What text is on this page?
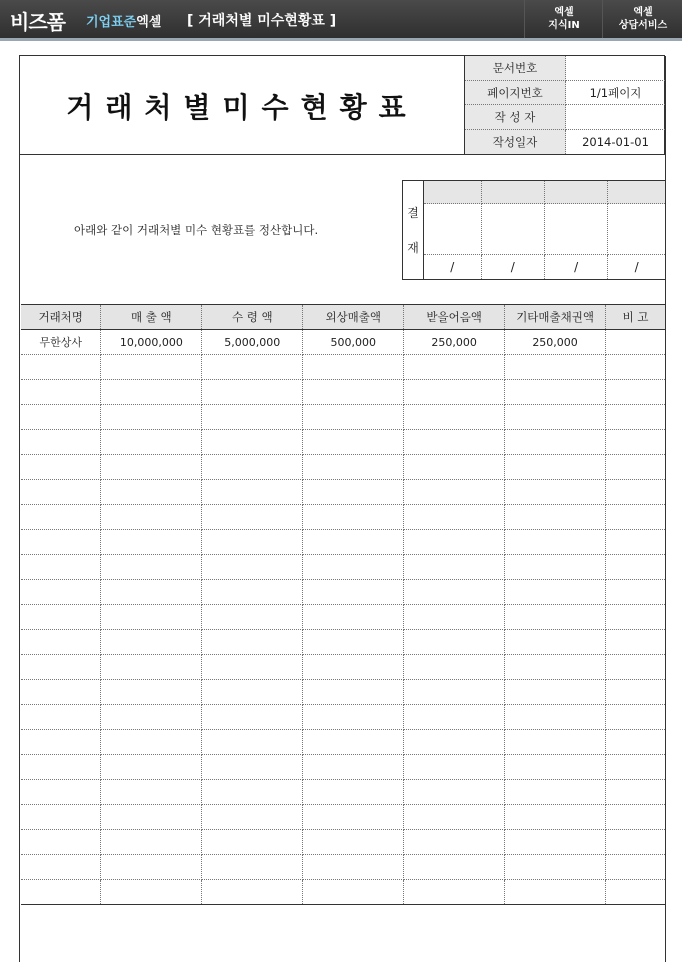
비즈폼 기업표준엑셀 [ 거래처별 미수현황표 ]
엑셀
지식IN
엑셀
상담서비스
거래처별미수현황표
문서번호	
페이지번호	1/1페이지
작 성 자	
작성일자	2014-01-01
아래와 같이 거래처별 미수 현황표를 정산합니다.
결
재

/	/	/	/
거래처명	매 출 액	수 령 액	외상매출액	받을어음액	기타매출채권액	비 고
무한상사	10,000,000	5,000,000	500,000	250,000	250,000	
